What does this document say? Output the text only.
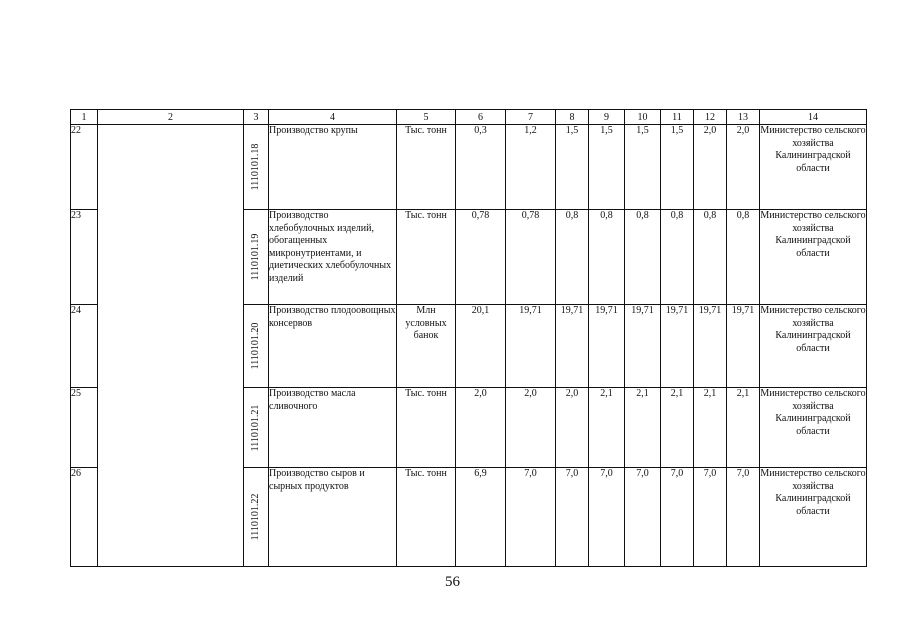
1	2	3	4	5	6	7	8	9	10	11	12	13	14
22		1110101.18	Производство крупы	Тыс. тонн	0,3	1,2	1,5	1,5	1,5	1,5	2,0	2,0	Министерство сельского хозяйства Калининградской области
23		1110101.19	Производство хлебобулочных изделий, обогащенных микронутриентами, и диетических хлебобулочных изделий	Тыс. тонн	0,78	0,78	0,8	0,8	0,8	0,8	0,8	0,8	Министерство сельского хозяйства Калининградской области
24		1110101.20	Производство плодоовощных консервов	Млн условных банок	20,1	19,71	19,71	19,71	19,71	19,71	19,71	19,71	Министерство сельского хозяйства Калининградской области
25		1110101.21	Производство масла сливочного	Тыс. тонн	2,0	2,0	2,0	2,1	2,1	2,1	2,1	2,1	Министерство сельского хозяйства Калининградской области
26		1110101.22	Производство сыров и сырных продуктов	Тыс. тонн	6,9	7,0	7,0	7,0	7,0	7,0	7,0	7,0	Министерство сельского хозяйства Калининградской области
56
